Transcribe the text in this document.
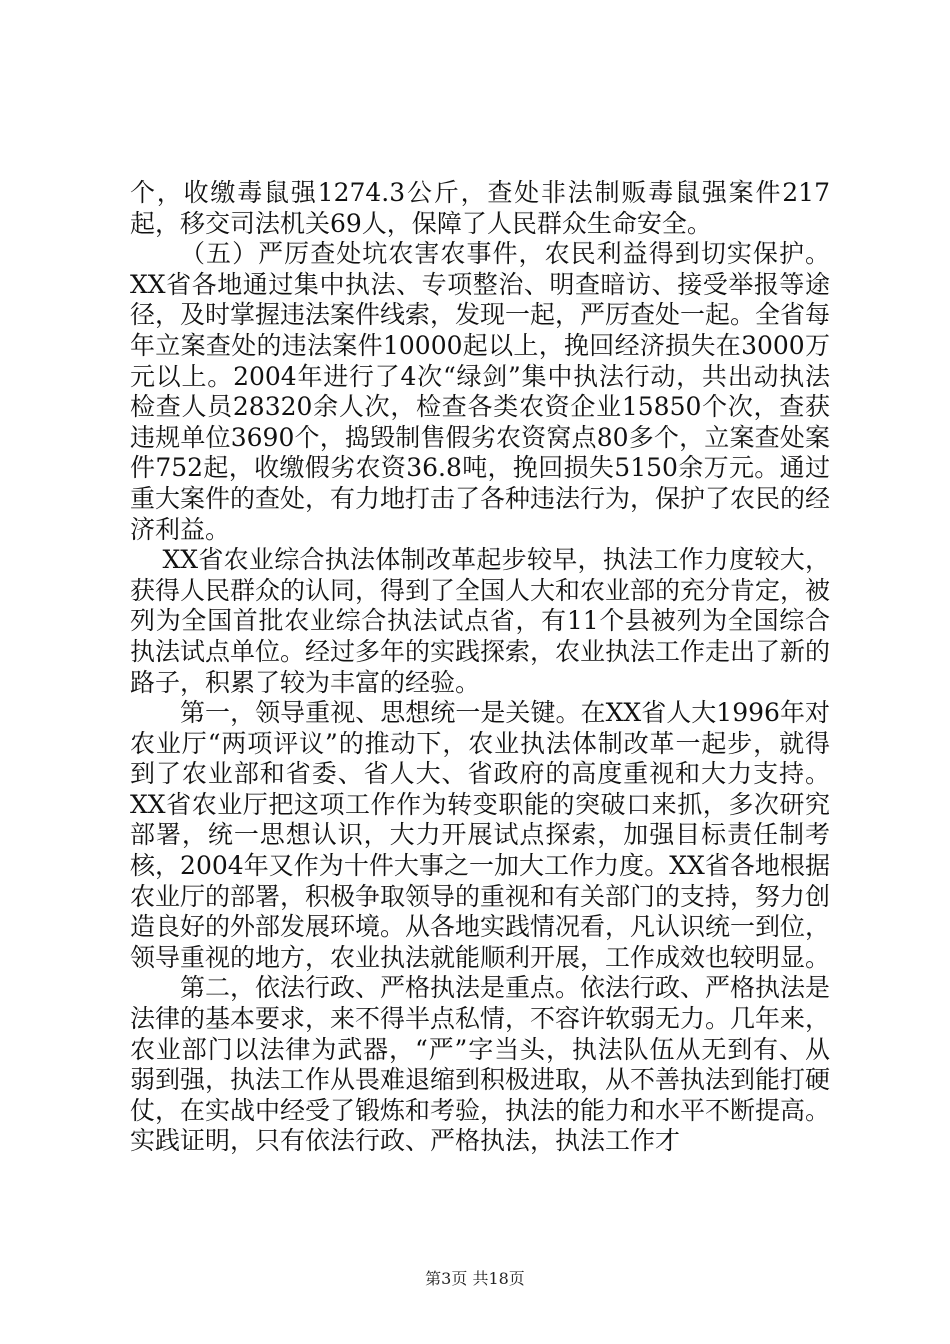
个，收缴毒鼠强1274.3公斤，查处非法制贩毒鼠强案件217起，移交司法机关69人，保障了人民群众生命安全。

（五）严厉查处坑农害农事件，农民利益得到切实保护。XX省各地通过集中执法、专项整治、明查暗访、接受举报等途径，及时掌握违法案件线索，发现一起，严厉查处一起。全省每年立案查处的违法案件10000起以上，挽回经济损失在3000万元以上。2004年进行了4次“绿剑”集中执法行动，共出动执法检查人员28320余人次，检查各类农资企业15850个次，查获违规单位3690个，捣毁制售假劣农资窝点80多个，立案查处案件752起，收缴假劣农资36.8吨，挽回损失5150余万元。通过重大案件的查处，有力地打击了各种违法行为，保护了农民的经济利益。

XX省农业综合执法体制改革起步较早，执法工作力度较大，获得人民群众的认同，得到了全国人大和农业部的充分肯定，被列为全国首批农业综合执法试点省，有11个县被列为全国综合执法试点单位。经过多年的实践探索，农业执法工作走出了新的路子，积累了较为丰富的经验。

第一，领导重视、思想统一是关键。在XX省人大1996年对农业厅“两项评议”的推动下，农业执法体制改革一起步，就得到了农业部和省委、省人大、省政府的高度重视和大力支持。XX省农业厅把这项工作作为转变职能的突破口来抓，多次研究部署，统一思想认识，大力开展试点探索，加强目标责任制考核，2004年又作为十件大事之一加大工作力度。XX省各地根据农业厅的部署，积极争取领导的重视和有关部门的支持，努力创造良好的外部发展环境。从各地实践情况看，凡认识统一到位，领导重视的地方，农业执法就能顺利开展，工作成效也较明显。

第二，依法行政、严格执法是重点。依法行政、严格执法是法律的基本要求，来不得半点私情，不容许软弱无力。几年来，农业部门以法律为武器，“严”字当头，执法队伍从无到有、从弱到强，执法工作从畏难退缩到积极进取，从不善执法到能打硬仗，在实战中经受了锻炼和考验，执法的能力和水平不断提高。实践证明，只有依法行政、严格执法，执法工作才

第3页 共18页
